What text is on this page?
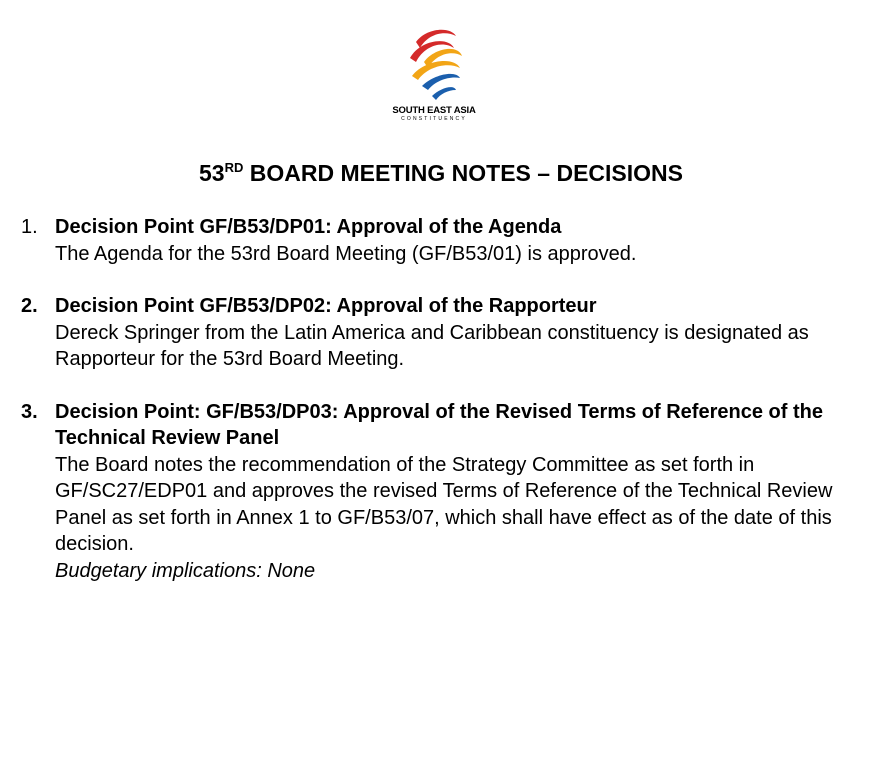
SOUTH EAST ASIA
CONSTITUENCY
53RD BOARD MEETING NOTES – DECISIONS
1. Decision Point GF/B53/DP01: Approval of the Agenda
The Agenda for the 53rd Board Meeting (GF/B53/01) is approved.
2. Decision Point GF/B53/DP02: Approval of the Rapporteur
Dereck Springer from the Latin America and Caribbean constituency is designated as Rapporteur for the 53rd Board Meeting.
3. Decision Point: GF/B53/DP03: Approval of the Revised Terms of Reference of the Technical Review Panel
The Board notes the recommendation of the Strategy Committee as set forth in GF/SC27/EDP01 and approves the revised Terms of Reference of the Technical Review Panel as set forth in Annex 1 to GF/B53/07, which shall have effect as of the date of this decision.
Budgetary implications: None
